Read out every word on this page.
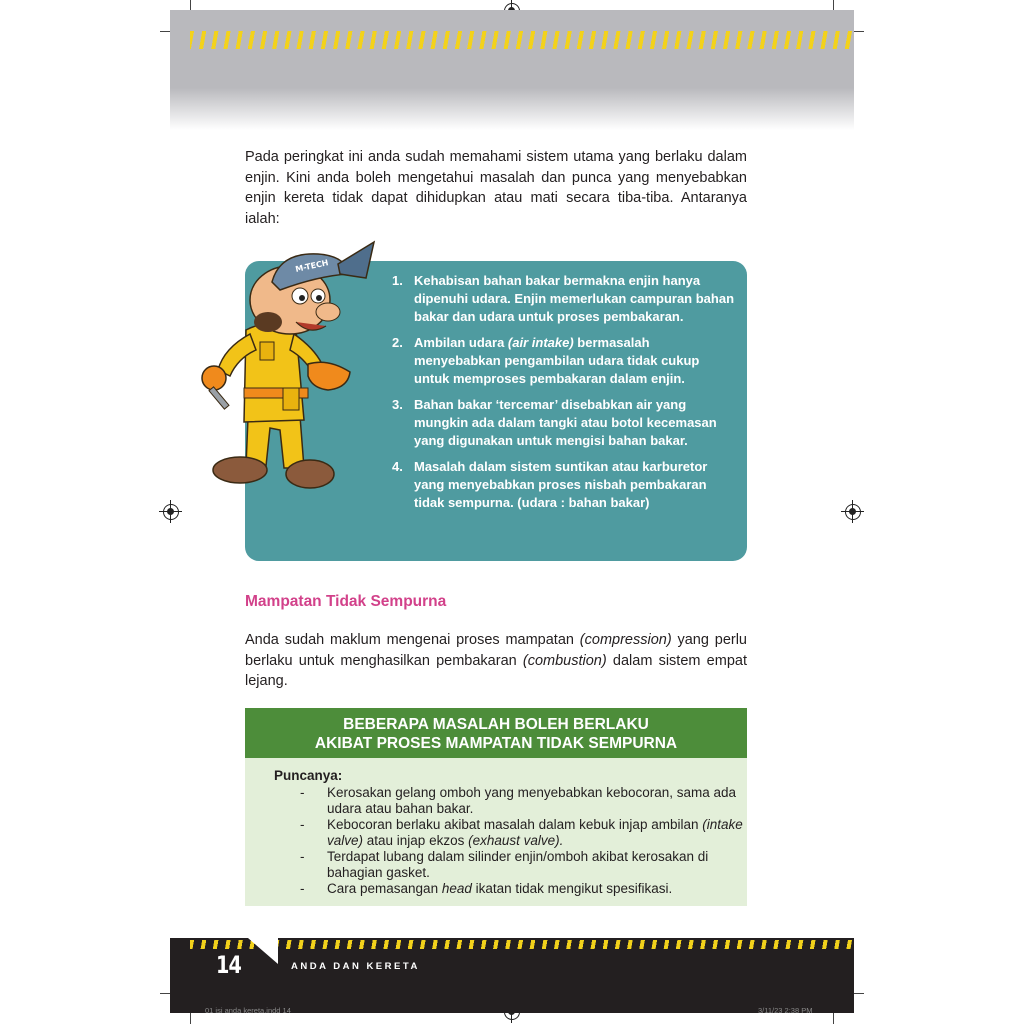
Pada peringkat ini anda sudah memahami sistem utama yang berlaku dalam enjin. Kini anda boleh mengetahui masalah dan punca yang menyebabkan enjin kereta tidak dapat dihidupkan atau mati secara tiba-tiba. Antaranya ialah:

1. Kehabisan bahan bakar bermakna enjin hanya dipenuhi udara. Enjin memerlukan campuran bahan bakar dan udara untuk proses pembakaran.
2. Ambilan udara (air intake) bermasalah menyebabkan pengambilan udara tidak cukup untuk memproses pembakaran dalam enjin.
3. Bahan bakar ‘tercemar’ disebabkan air yang mungkin ada dalam tangki atau botol kecemasan yang digunakan untuk mengisi bahan bakar.
4. Masalah dalam sistem suntikan atau karburetor yang menyebabkan proses nisbah pembakaran tidak sempurna. (udara : bahan bakar)
M-TECH
Mampatan Tidak Sempurna

Anda sudah maklum mengenai proses mampatan (compression) yang perlu berlaku untuk menghasilkan pembakaran (combustion) dalam sistem empat lejang.

BEBERAPA MASALAH BOLEH BERLAKU
AKIBAT PROSES MAMPATAN TIDAK SEMPURNA
Puncanya:
- Kerosakan gelang omboh yang menyebabkan kebocoran, sama ada udara atau bahan bakar.
- Kebocoran berlaku akibat masalah dalam kebuk injap ambilan (intake valve) atau injap ekzos (exhaust valve).
- Terdapat lubang dalam silinder enjin/omboh akibat kerosakan di bahagian gasket.
- Cara pemasangan head ikatan tidak mengikut spesifikasi.
14	ANDA DAN KERETA
01 isi anda kereta.indd 14	3/11/23 2:38 PM
